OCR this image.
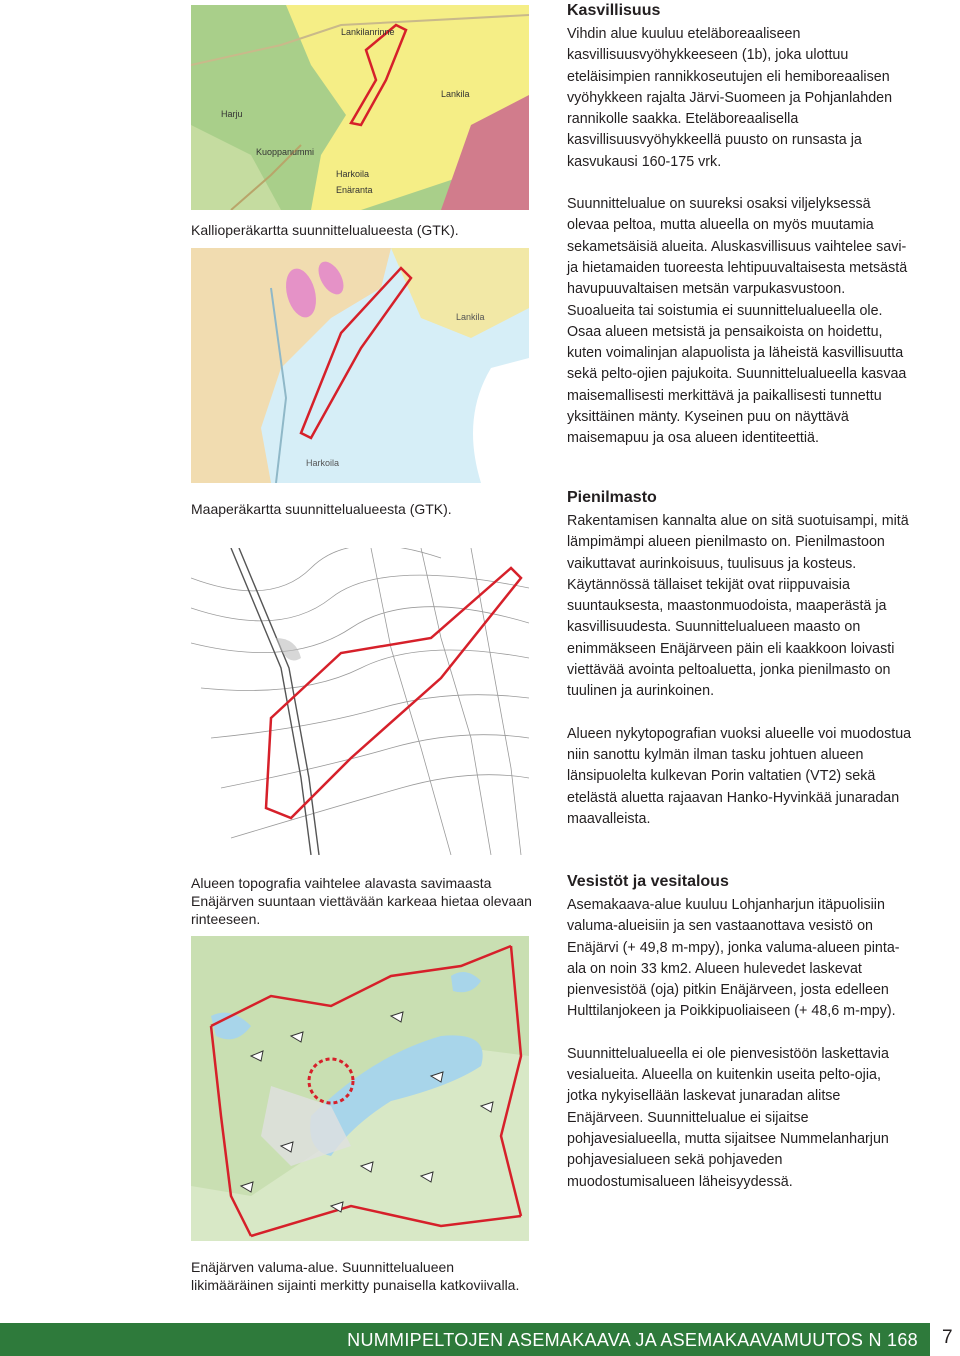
Lankilanrinne
Lankila
Harju
Kuoppanummi
Harkoila
Enäranta
Kallioperäkartta suunnittelualueesta (GTK).
Lankila
Harkoila
Maaperäkartta suunnittelualueesta (GTK).
Alueen topografia vaihtelee alavasta savimaasta Enäjärven suuntaan viettävään karkeaa hietaa olevaan rinteeseen.
Enäjärven valuma-alue. Suunnittelualueen likimääräinen sijainti merkitty punaisella katkoviivalla.
Kasvillisuus

Vihdin alue kuuluu eteläboreaaliseen kasvillisuusvyöhykkeeseen (1b), joka ulottuu eteläisimpien rannikkoseutujen eli hemiboreaalisen vyöhykkeen rajalta Järvi-Suomeen ja Pohjanlahden rannikolle saakka. Eteläboreaalisella kasvillisuusvyöhykkeellä puusto on runsasta ja kasvukausi 160-175 vrk.

Suunnittelualue on suureksi osaksi viljelyksessä olevaa peltoa, mutta alueella on myös muutamia sekametsäisiä alueita. Aluskasvillisuus vaihtelee savi- ja hietamaiden tuoreesta lehtipuuvaltaisesta metsästä havupuuvaltaisen metsän varpukasvustoon. Suoalueita tai soistumia ei suunnittelualueella ole. Osaa alueen metsistä ja pensaikoista on hoidettu, kuten voimalinjan alapuolista ja läheistä kasvillisuutta sekä pelto-ojien pajukoita. Suunnittelualueella kasvaa maisemallisesti merkittävä ja paikallisesti tunnettu yksittäinen mänty. Kyseinen puu on näyttävä maisemapuu ja osa alueen identiteettiä.

Pienilmasto

Rakentamisen kannalta alue on sitä suotuisampi, mitä lämpimämpi alueen pienilmasto on. Pienilmastoon vaikuttavat aurinkoisuus, tuulisuus ja kosteus. Käytännössä tällaiset tekijät ovat riippuvaisia suuntauksesta, maastonmuodoista, maaperästä ja kasvillisuudesta. Suunnittelualueen maasto on enimmäkseen Enäjärveen päin eli kaakkoon loivasti viettävää avointa peltoaluetta, jonka pienilmasto on tuulinen ja aurinkoinen.

Alueen nykytopografian vuoksi alueelle voi muodostua niin sanottu kylmän ilman tasku johtuen alueen länsipuolelta kulkevan Porin valtatien (VT2) sekä etelästä aluetta rajaavan Hanko-Hyvinkää junaradan maavalleista.

Vesistöt ja vesitalous

Asemakaava-alue kuuluu Lohjanharjun itäpuolisiin valuma-alueisiin ja sen vastaanottava vesistö on Enäjärvi (+ 49,8 m-mpy), jonka valuma-alueen pinta-ala on noin 33 km2. Alueen hulevedet laskevat pienvesistöä (oja) pitkin Enäjärveen, josta edelleen Hulttilanjokeen ja Poikkipuoliaiseen (+ 48,6 m-mpy).

Suunnittelualueella ei ole pienvesistöön laskettavia vesialueita. Alueella on kuitenkin useita pelto-ojia, jotka nykyisellään laskevat junaradan alitse Enäjärveen. Suunnittelualue ei sijaitse pohjavesialueella, mutta sijaitsee Nummelanharjun pohjavesialueen sekä pohjaveden muodostumisalueen läheisyydessä.

NUMMIPELTOJEN ASEMAKAAVA JA ASEMAKAAVAMUUTOS N 168 7
